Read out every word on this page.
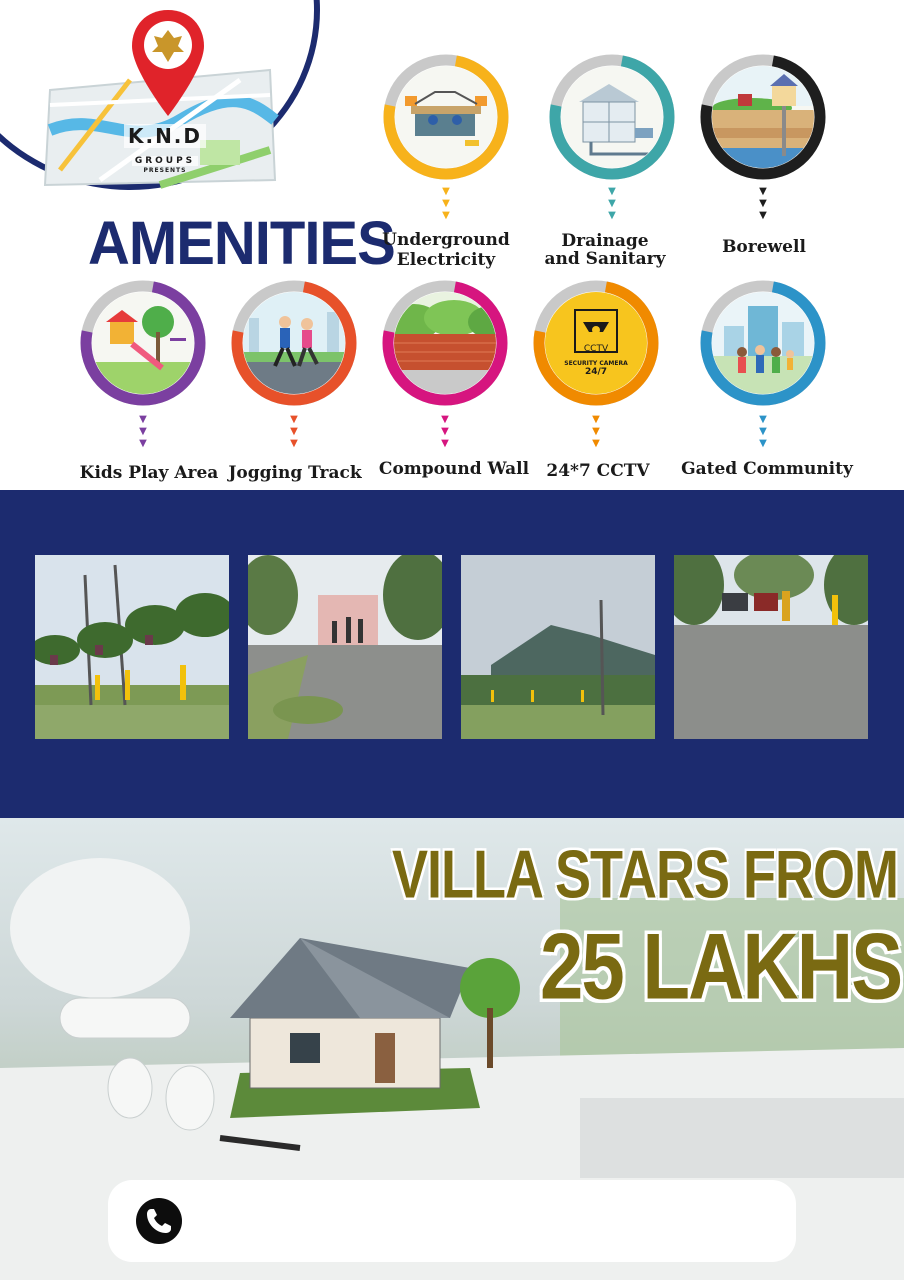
K.N.D
GROUPS

PRESENTS
AMENITIES
▼
▼
▼
Underground
Electricity
▼
▼
▼
Drainage
and Sanitary
▼
▼
▼
Borewell
▼
▼
▼
Kids Play Area
▼
▼
▼
Jogging Track
▼
▼
▼
Compound Wall
CCTV
SECURITY CAMERA
24/7
▼
▼
▼
24*7 CCTV
▼
▼
▼
Gated Community
VILLA STARS FROM
25 LAKHS
